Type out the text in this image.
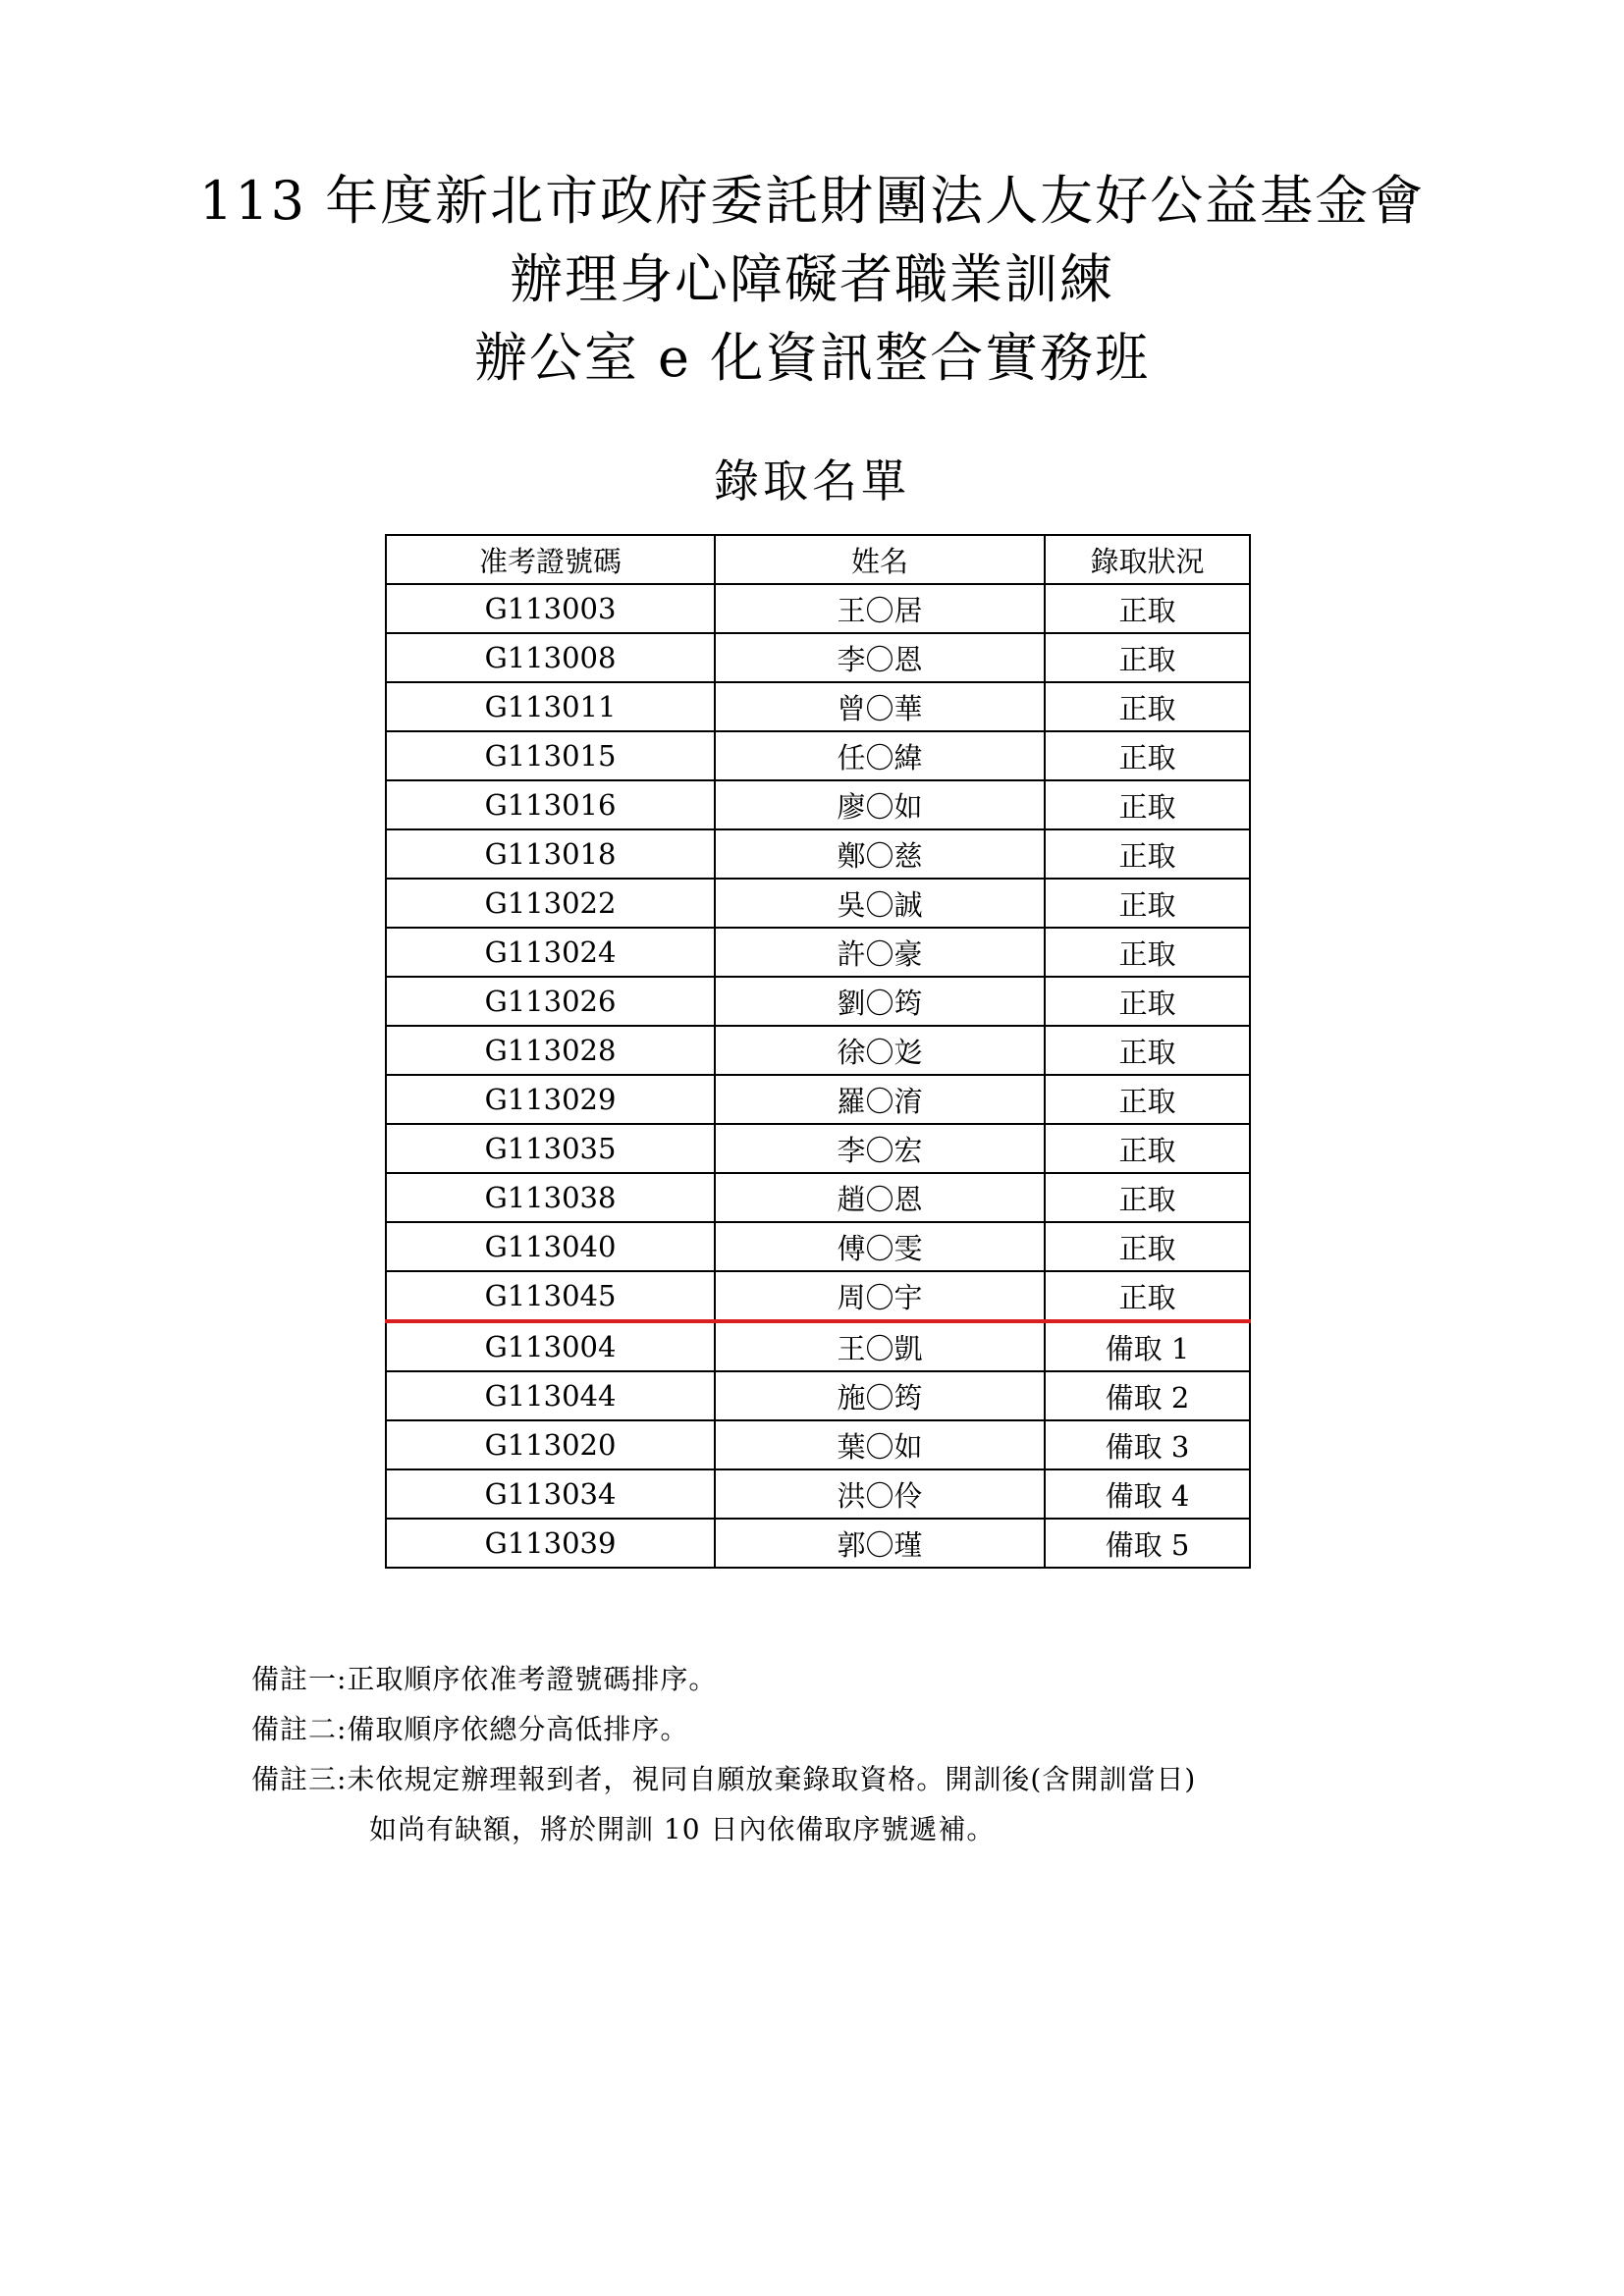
113 年度新北市政府委託財團法人友好公益基金會
辦理身心障礙者職業訓練
辦公室 e 化資訊整合實務班
錄取名單
准考證號碼	姓名	錄取狀況
G113003	王〇居	正取
G113008	李〇恩	正取
G113011	曾〇華	正取
G113015	任〇緯	正取
G113016	廖〇如	正取
G113018	鄭〇慈	正取
G113022	吳〇誠	正取
G113024	許〇豪	正取
G113026	劉〇筠	正取
G113028	徐〇彣	正取
G113029	羅〇淯	正取
G113035	李〇宏	正取
G113038	趙〇恩	正取
G113040	傅〇雯	正取
G113045	周〇宇	正取
G113004	王〇凱	備取 1
G113044	施〇筠	備取 2
G113020	葉〇如	備取 3
G113034	洪〇伶	備取 4
G113039	郭〇瑾	備取 5
備註一:正取順序依准考證號碼排序。
備註二:備取順序依總分高低排序。
備註三:未依規定辦理報到者，視同自願放棄錄取資格。開訓後(含開訓當日)
如尚有缺額，將於開訓 10 日內依備取序號遞補。
